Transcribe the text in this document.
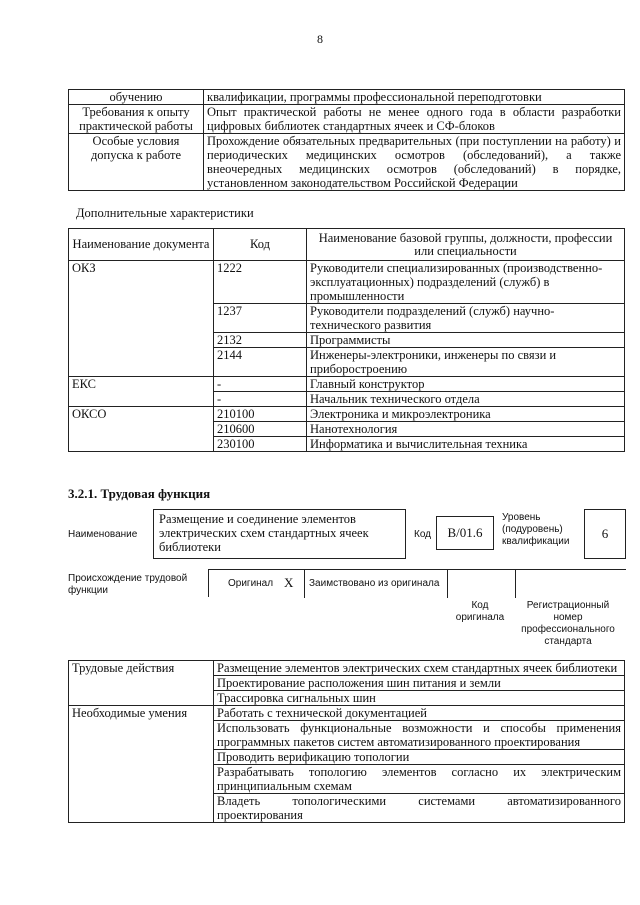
8
обучению	квалификации, программы профессиональной переподготовки
Требования к опыту практической работы	Опыт практической работы не менее одного года в области разработки цифровых библиотек стандартных ячеек и СФ-блоков
Особые условия допуска к работе	Прохождение обязательных предварительных (при поступлении на работу) и периодических медицинских осмотров (обследований), а также внеочередных медицинских осмотров (обследований) в порядке, установленном законодательством Российской Федерации
Дополнительные характеристики
Наименование документа	Код	Наименование базовой группы, должности, профессии или специальности
ОКЗ	1222	Руководители специализированных (производственно-эксплуатационных) подразделений (служб) в промышленности
	1237	Руководители подразделений (служб) научно-технического развития
	2132	Программисты
	2144	Инженеры-электроники, инженеры по связи и приборостроению
ЕКС	-	Главный конструктор
	-	Начальник технического отдела
ОКСО	210100	Электроника и микроэлектроника
	210600	Нанотехнология
	230100	Информатика и вычислительная техника
3.2.1. Трудовая функция
Наименование
Размещение и соединение элементов электрических схем стандартных ячеек библиотеки
Код	B/01.6
Уровень (подуровень) квалификации
6
Происхождение трудовой функции
Оригинал X Заимствовано из оригинала
Код оригинала
Регистрационный номер профессионального стандарта
Трудовые действия	Размещение элементов электрических схем стандартных ячеек библиотеки
	Проектирование расположения шин питания и земли
	Трассировка сигнальных шин
Необходимые умения	Работать с технической документацией
	Использовать функциональные возможности и способы применения программных пакетов систем автоматизированного проектирования
	Проводить верификацию топологии
	Разрабатывать топологию элементов согласно их электрическим принципиальным схемам
	Владеть топологическими системами автоматизированного проектирования
